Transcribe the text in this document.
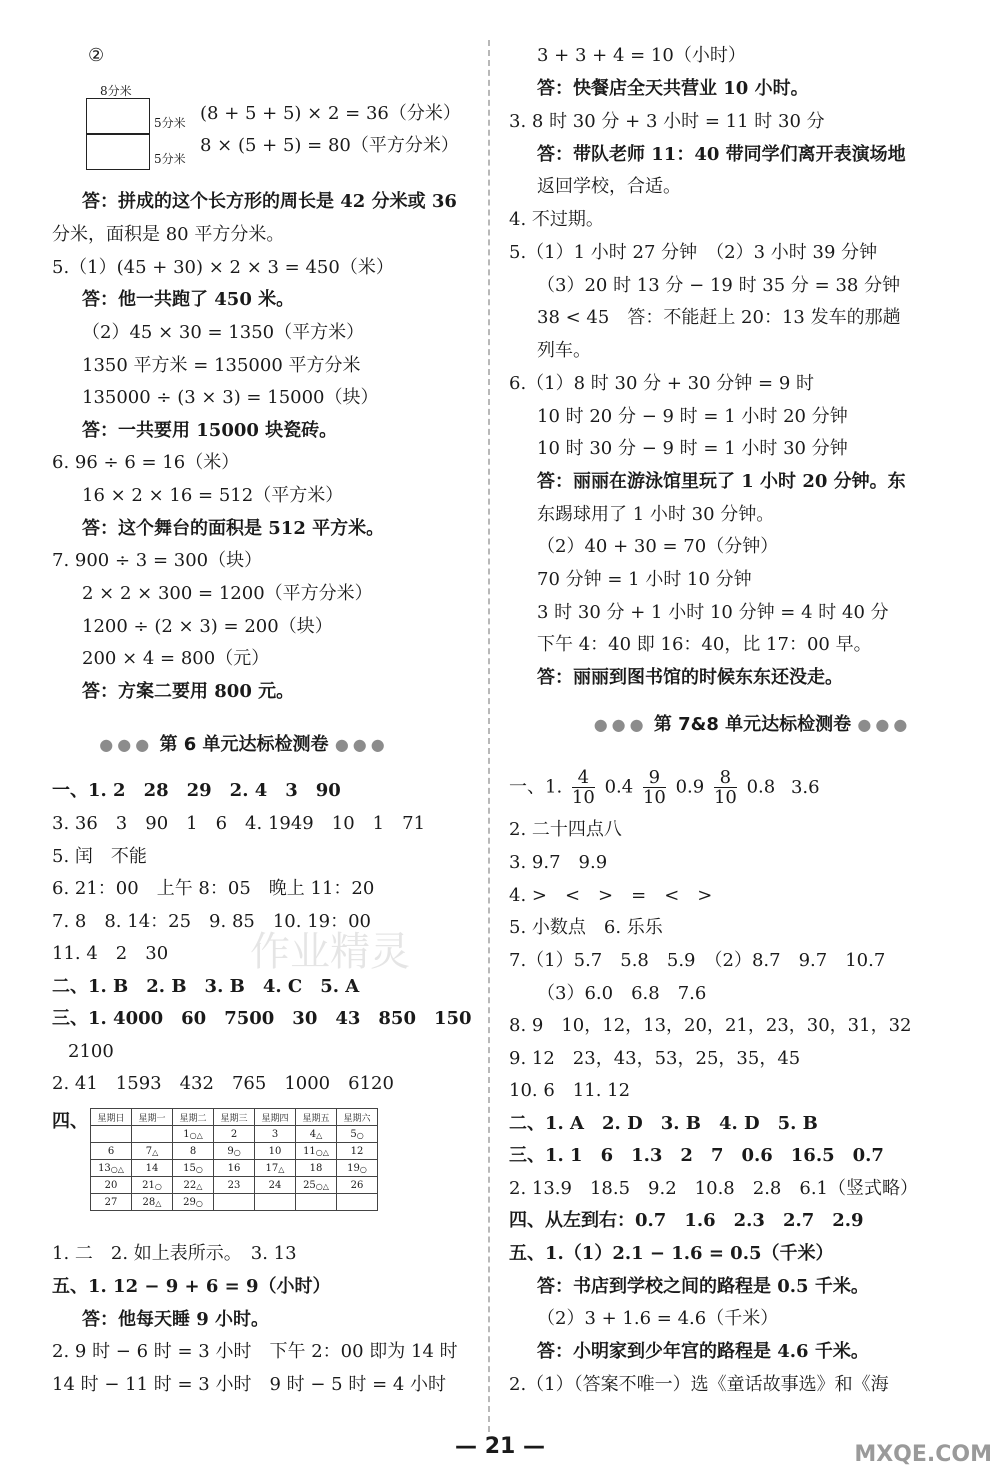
②
8分米
5分米
5分米
(8 + 5 + 5) × 2 = 36（分米）
8 × (5 + 5) = 80（平方分米）
答：拼成的这个长方形的周长是 42 分米或 36
分米，面积是 80 平方分米。
5.（1）(45 + 30) × 2 × 3 = 450（米）
答：他一共跑了 450 米。
（2）45 × 30 = 1350（平方米）
1350 平方米 = 135000 平方分米
135000 ÷ (3 × 3) = 15000（块）
答：一共要用 15000 块瓷砖。
6. 96 ÷ 6 = 16（米）
16 × 2 × 16 = 512（平方米）
答：这个舞台的面积是 512 平方米。
7. 900 ÷ 3 = 300（块）
2 × 2 × 300 = 1200（平方分米）
1200 ÷ (2 × 3) = 200（块）
200 × 4 = 800（元）
答：方案二要用 800 元。
●●● 第 6 单元达标检测卷 ●●●
一、1. 2　28　29　2. 4　3　90
3. 36　3　90　1　6　4. 1949　10　1　71
5. 闰　不能
6. 21：00　上午 8：05　晚上 11：20
7. 8　8. 14：25　9. 85　10. 19：00
11. 4　2　30
二、1. B　2. B　3. B　4. C　5. A
三、1. 4000　60　7500　30　43　850　150
2100
2. 41　1593　432　765　1000　6120
四、 星期日	星期一	星期二	星期三	星期四	星期五	星期六
		1○△	2	3	4△	5○
6	7△	8	9○	10	11○△	12
13○△	14	15○	16	17△	18	19○
20	21○	22△	23	24	25○△	26
27	28△	29○				
1. 二　2. 如上表所示。　3. 13
五、1. 12 − 9 + 6 = 9（小时）
答：他每天睡 9 小时。
2. 9 时 − 6 时 = 3 小时　下午 2：00 即为 14 时
14 时 − 11 时 = 3 小时　9 时 − 5 时 = 4 小时
3 + 3 + 4 = 10（小时）
答：快餐店全天共营业 10 小时。
3. 8 时 30 分 + 3 小时 = 11 时 30 分
答：带队老师 11：40 带同学们离开表演场地
返回学校，合适。
4. 不过期。
5.（1）1 小时 27 分钟　（2）3 小时 39 分钟
（3）20 时 13 分 − 19 时 35 分 = 38 分钟
38 < 45　答：不能赶上 20：13 发车的那趟
列车。
6.（1）8 时 30 分 + 30 分钟 = 9 时
10 时 20 分 − 9 时 = 1 小时 20 分钟
10 时 30 分 − 9 时 = 1 小时 30 分钟
答：丽丽在游泳馆里玩了 1 小时 20 分钟。东
东踢球用了 1 小时 30 分钟。
（2）40 + 30 = 70（分钟）
70 分钟 = 1 小时 10 分钟
3 时 30 分 + 1 小时 10 分钟 = 4 时 40 分
下午 4：40 即 16：40，比 17：00 早。
答：丽丽到图书馆的时候东东还没走。
●●● 第 7&8 单元达标检测卷 ●●●
一、1. $\frac{4}{10} 0.4 \frac{9}{10} 0.9 \frac{8}{10} 0.8$ 3.6
2. 二十四点八
3. 9.7　9.9
4. >　<　>　=　<　>
5. 小数点　6. 乐乐
7.（1）5.7　5.8　5.9　（2）8.7　9.7　10.7
（3）6.0　6.8　7.6
8. 9　10，12，13，20，21，23，30，31，32
9. 12　23，43，53，25，35，45
10. 6　11. 12
二、1. A　2. D　3. B　4. D　5. B
三、1. 1　6　1.3　2　7　0.6　16.5　0.7
2. 13.9　18.5　9.2　10.8　2.8　6.1（竖式略）
四、从左到右：0.7　1.6　2.3　2.7　2.9
五、1.（1）2.1 − 1.6 = 0.5（千米）
答：书店到学校之间的路程是 0.5 千米。
（2）3 + 1.6 = 4.6（千米）
答：小明家到少年宫的路程是 4.6 千米。
2.（1）（答案不唯一）选《童话故事选》和《海
作业精灵
— 21 —	MXQE.COM
